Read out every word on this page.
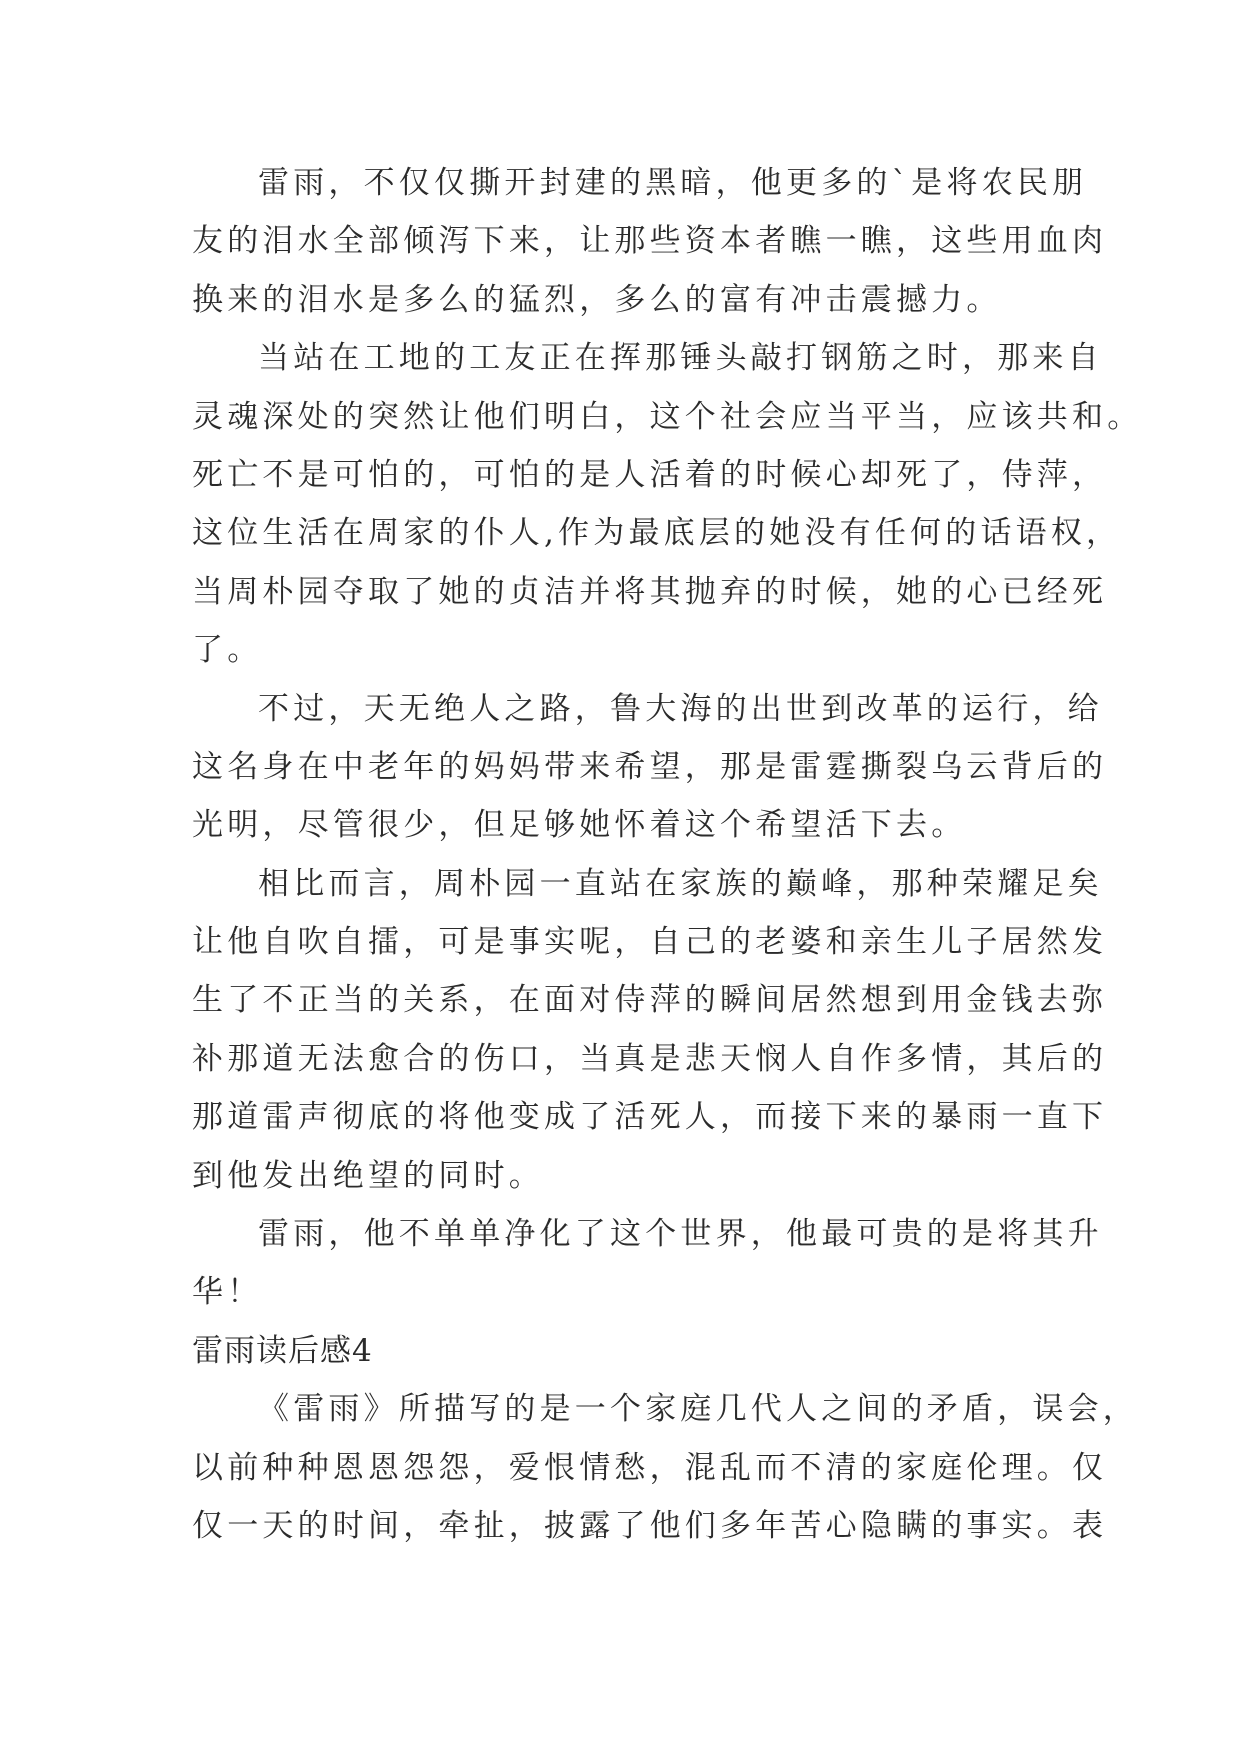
雷雨，不仅仅撕开封建的黑暗，他更多的`是将农民朋
友的泪水全部倾泻下来，让那些资本者瞧一瞧，这些用血肉
换来的泪水是多么的猛烈，多么的富有冲击震撼力。
当站在工地的工友正在挥那锤头敲打钢筋之时，那来自
灵魂深处的突然让他们明白，这个社会应当平当，应该共和。
死亡不是可怕的，可怕的是人活着的时候心却死了，侍萍，
这位生活在周家的仆人,作为最底层的她没有任何的话语权，
当周朴园夺取了她的贞洁并将其抛弃的时候，她的心已经死
了。
不过，天无绝人之路，鲁大海的出世到改革的运行，给
这名身在中老年的妈妈带来希望，那是雷霆撕裂乌云背后的
光明，尽管很少，但足够她怀着这个希望活下去。
相比而言，周朴园一直站在家族的巅峰，那种荣耀足矣
让他自吹自擂，可是事实呢，自己的老婆和亲生儿子居然发
生了不正当的关系，在面对侍萍的瞬间居然想到用金钱去弥
补那道无法愈合的伤口，当真是悲天悯人自作多情，其后的
那道雷声彻底的将他变成了活死人，而接下来的暴雨一直下
到他发出绝望的同时。
雷雨，他不单单净化了这个世界，他最可贵的是将其升
华！
雷雨读后感4
《雷雨》所描写的是一个家庭几代人之间的矛盾，误会，
以前种种恩恩怨怨，爱恨情愁，混乱而不清的家庭伦理。仅
仅一天的时间，牵扯，披露了他们多年苦心隐瞒的事实。表
